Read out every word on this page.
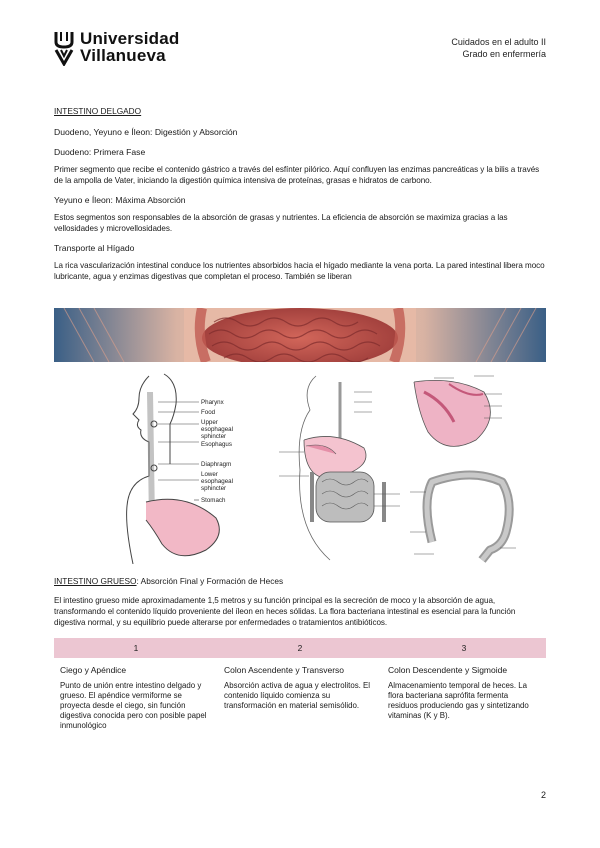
Universidad
Villanueva
Cuidados en el adulto II
Grado en enfermería

INTESTINO DELGADO

Duodeno, Yeyuno e Íleon: Digestión y Absorción

Duodeno: Primera Fase

Primer segmento que recibe el contenido gástrico a través del esfínter pilórico. Aquí confluyen las enzimas pancreáticas y la bilis a través de la ampolla de Vater, iniciando la digestión química intensiva de proteínas, grasas e hidratos de carbono.

Yeyuno e Íleon: Máxima Absorción

Estos segmentos son responsables de la absorción de grasas y nutrientes. La eficiencia de absorción se maximiza gracias a las vellosidades y microvellosidades.

Transporte al Hígado

La rica vascularización intestinal conduce los nutrientes absorbidos hacia el hígado mediante la vena porta. La pared intestinal libera moco lubricante, agua y enzimas digestivas que completan el proceso. También se liberan

Pharynx
Food
Upper
esophageal
sphincter
Esophagus
Diaphragm
Lower
esophageal
sphincter
Stomach

INTESTINO GRUESO: Absorción Final y Formación de Heces

El intestino grueso mide aproximadamente 1,5 metros y su función principal es la secreción de moco y la absorción de agua, transformando el contenido líquido proveniente del íleon en heces sólidas. La flora bacteriana intestinal es esencial para la función digestiva normal, y su equilibrio puede alterarse por enfermedades o tratamientos antibióticos.

1	2	3
Ciego y Apéndice
Punto de unión entre intestino delgado y grueso. El apéndice vermiforme se proyecta desde el ciego, sin función digestiva conocida pero con posible papel inmunológico
Colon Ascendente y Transverso
Absorción activa de agua y electrolitos. El contenido líquido comienza su transformación en material semisólido.
Colon Descendente y Sigmoide
Almacenamiento temporal de heces. La flora bacteriana saprófita fermenta residuos produciendo gas y sintetizando vitaminas (K y B).
2
